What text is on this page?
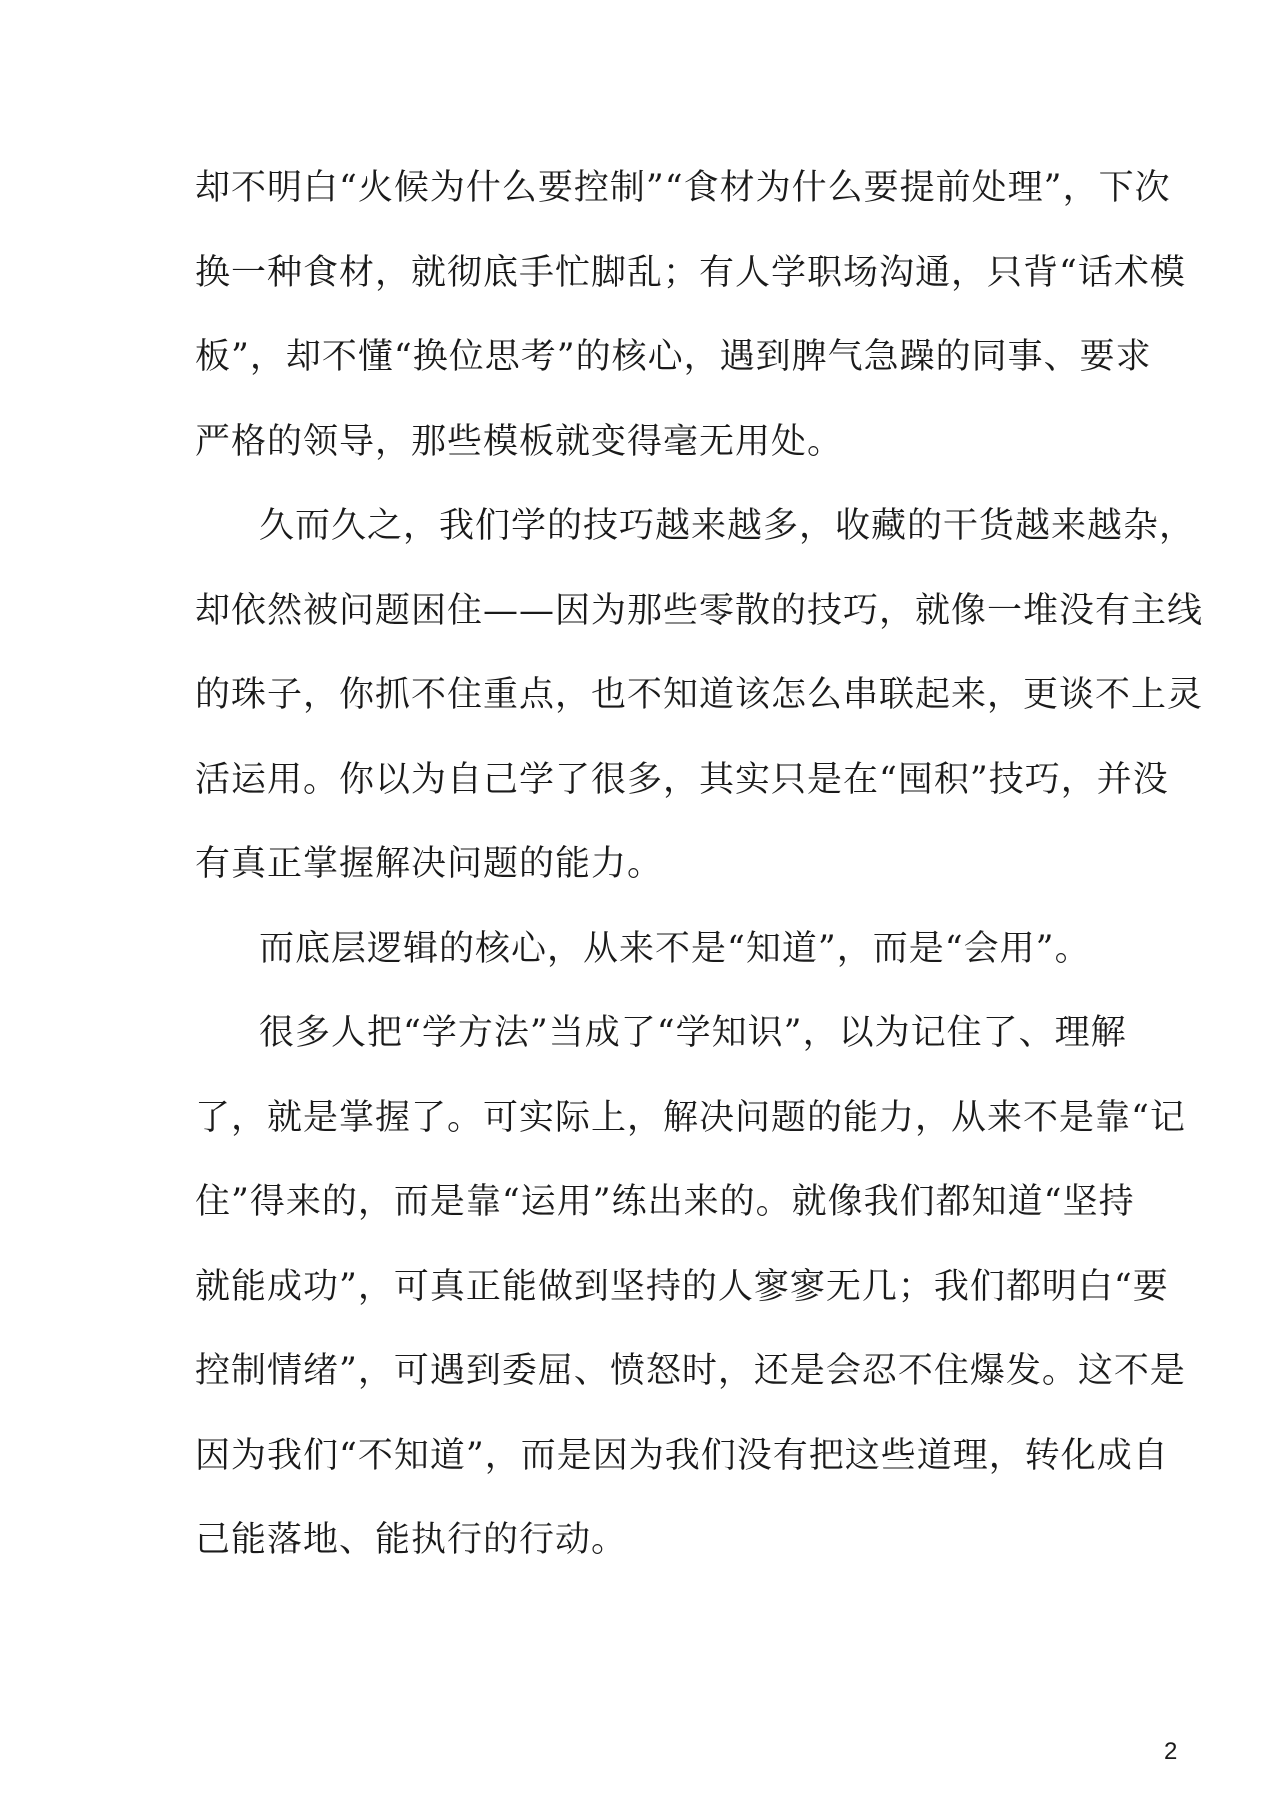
却不明白“火候为什么要控制”“食材为什么要提前处理”，下次
换一种食材，就彻底手忙脚乱；有人学职场沟通，只背“话术模
板”，却不懂“换位思考”的核心，遇到脾气急躁的同事、要求
严格的领导，那些模板就变得毫无用处。
久而久之，我们学的技巧越来越多，收藏的干货越来越杂，
却依然被问题困住——因为那些零散的技巧，就像一堆没有主线
的珠子，你抓不住重点，也不知道该怎么串联起来，更谈不上灵
活运用。你以为自己学了很多，其实只是在“囤积”技巧，并没
有真正掌握解决问题的能力。
而底层逻辑的核心，从来不是“知道”，而是“会用”。
很多人把“学方法”当成了“学知识”，以为记住了、理解
了，就是掌握了。可实际上，解决问题的能力，从来不是靠“记
住”得来的，而是靠“运用”练出来的。就像我们都知道“坚持
就能成功”，可真正能做到坚持的人寥寥无几；我们都明白“要
控制情绪”，可遇到委屈、愤怒时，还是会忍不住爆发。这不是
因为我们“不知道”，而是因为我们没有把这些道理，转化成自
己能落地、能执行的行动。
2
